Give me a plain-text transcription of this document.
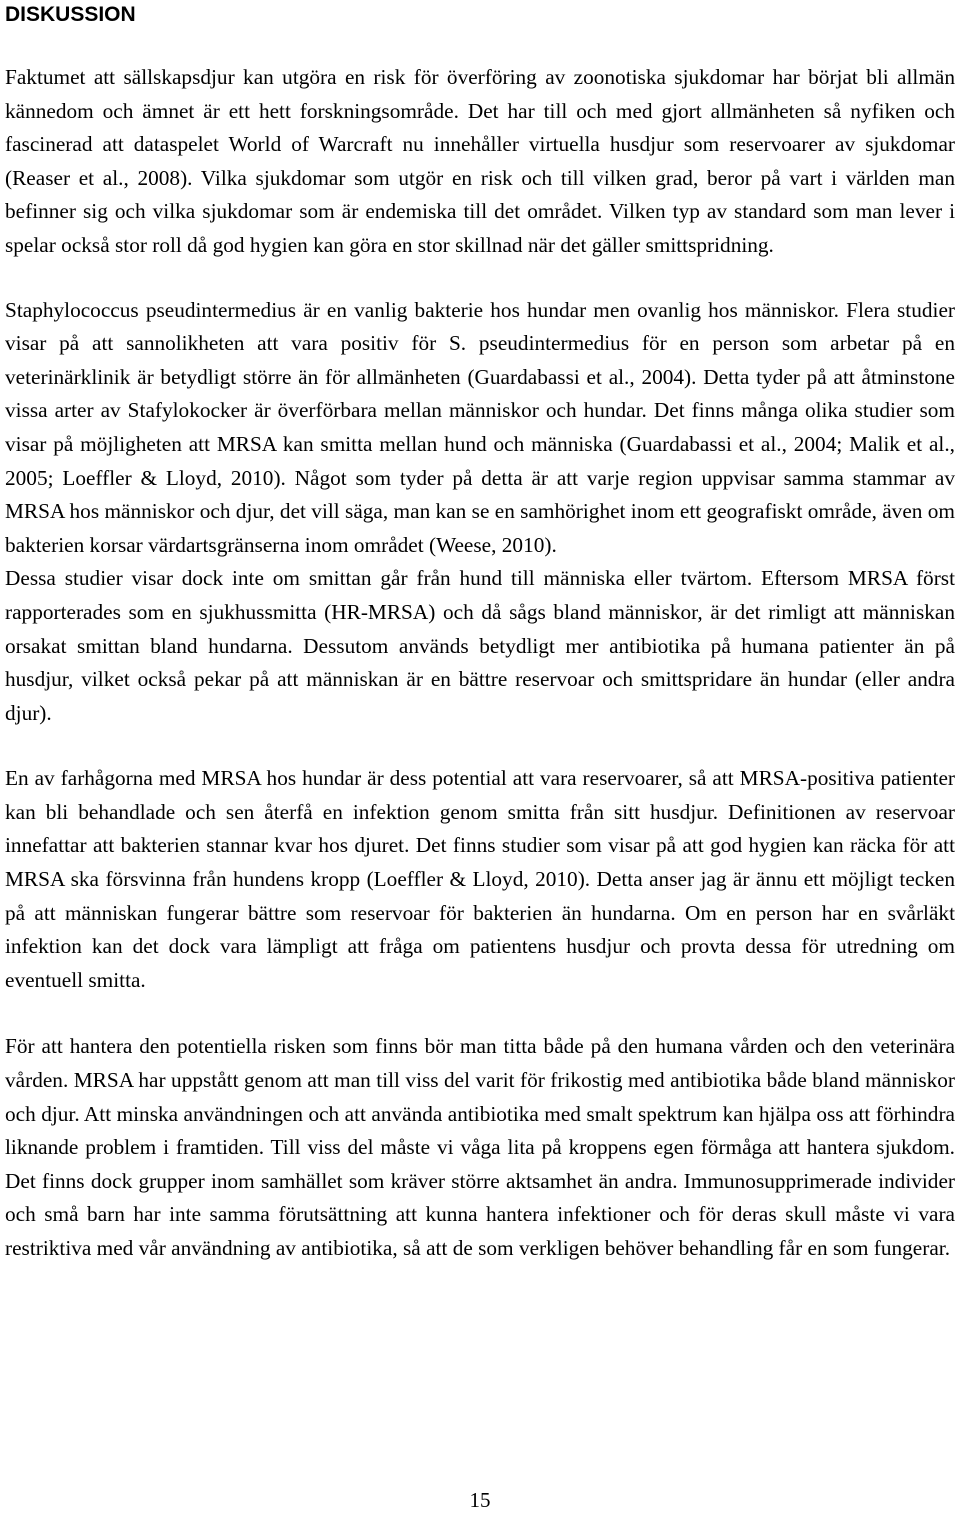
DISKUSSION

Faktumet att sällskapsdjur kan utgöra en risk för överföring av zoonotiska sjukdomar har börjat bli allmän kännedom och ämnet är ett hett forskningsområde. Det har till och med gjort allmänheten så nyfiken och fascinerad att dataspelet World of Warcraft nu innehåller virtuella husdjur som reservoarer av sjukdomar (Reaser et al., 2008). Vilka sjukdomar som utgör en risk och till vilken grad, beror på vart i världen man befinner sig och vilka sjukdomar som är endemiska till det området. Vilken typ av standard som man lever i spelar också stor roll då god hygien kan göra en stor skillnad när det gäller smittspridning.

Staphylococcus pseudintermedius är en vanlig bakterie hos hundar men ovanlig hos människor. Flera studier visar på att sannolikheten att vara positiv för S. pseudintermedius för en person som arbetar på en veterinärklinik är betydligt större än för allmänheten (Guardabassi et al., 2004). Detta tyder på att åtminstone vissa arter av Stafylokocker är överförbara mellan människor och hundar. Det finns många olika studier som visar på möjligheten att MRSA kan smitta mellan hund och människa (Guardabassi et al., 2004; Malik et al., 2005; Loeffler & Lloyd, 2010). Något som tyder på detta är att varje region uppvisar samma stammar av MRSA hos människor och djur, det vill säga, man kan se en samhörighet inom ett geografiskt område, även om bakterien korsar värdartsgränserna inom området (Weese, 2010).

Dessa studier visar dock inte om smittan går från hund till människa eller tvärtom. Eftersom MRSA först rapporterades som en sjukhussmitta (HR-MRSA) och då sågs bland människor, är det rimligt att människan orsakat smittan bland hundarna. Dessutom används betydligt mer antibiotika på humana patienter än på husdjur, vilket också pekar på att människan är en bättre reservoar och smittspridare än hundar (eller andra djur).

En av farhågorna med MRSA hos hundar är dess potential att vara reservoarer, så att MRSA-positiva patienter kan bli behandlade och sen återfå en infektion genom smitta från sitt husdjur. Definitionen av reservoar innefattar att bakterien stannar kvar hos djuret. Det finns studier som visar på att god hygien kan räcka för att MRSA ska försvinna från hundens kropp (Loeffler & Lloyd, 2010). Detta anser jag är ännu ett möjligt tecken på att människan fungerar bättre som reservoar för bakterien än hundarna. Om en person har en svårläkt infektion kan det dock vara lämpligt att fråga om patientens husdjur och provta dessa för utredning om eventuell smitta.

För att hantera den potentiella risken som finns bör man titta både på den humana vården och den veterinära vården. MRSA har uppstått genom att man till viss del varit för frikostig med antibiotika både bland människor och djur. Att minska användningen och att använda antibiotika med smalt spektrum kan hjälpa oss att förhindra liknande problem i framtiden. Till viss del måste vi våga lita på kroppens egen förmåga att hantera sjukdom. Det finns dock grupper inom samhället som kräver större aktsamhet än andra. Immunosupprimerade individer och små barn har inte samma förutsättning att kunna hantera infektioner och för deras skull måste vi vara restriktiva med vår användning av antibiotika, så att de som verkligen behöver behandling får en som fungerar.

15
